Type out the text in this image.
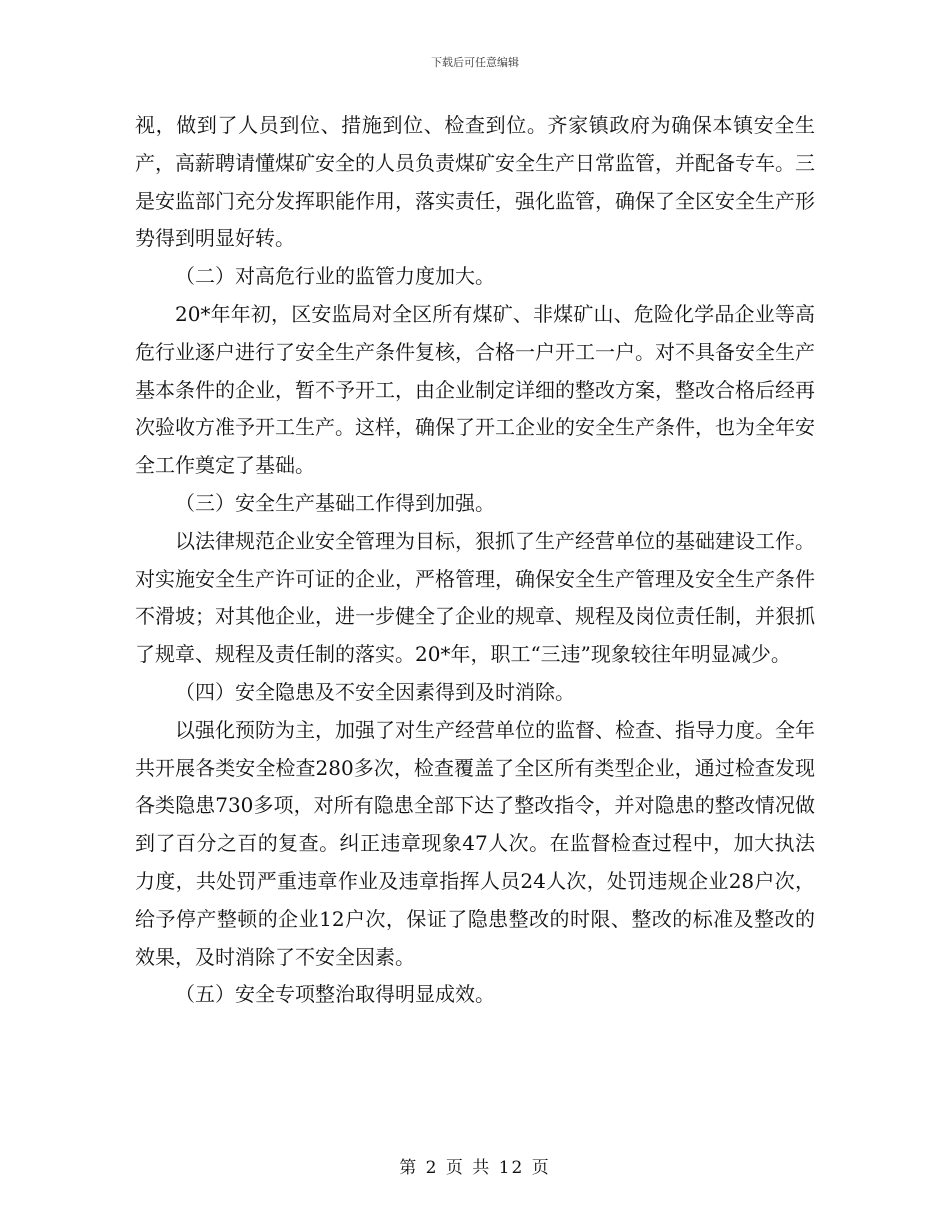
下载后可任意编辑

视，做到了人员到位、措施到位、检查到位。齐家镇政府为确保本镇安全生产，高薪聘请懂煤矿安全的人员负责煤矿安全生产日常监管，并配备专车。三是安监部门充分发挥职能作用，落实责任，强化监管，确保了全区安全生产形势得到明显好转。

（二）对高危行业的监管力度加大。

20*年年初，区安监局对全区所有煤矿、非煤矿山、危险化学品企业等高危行业逐户进行了安全生产条件复核，合格一户开工一户。对不具备安全生产基本条件的企业，暂不予开工，由企业制定详细的整改方案，整改合格后经再次验收方准予开工生产。这样，确保了开工企业的安全生产条件，也为全年安全工作奠定了基础。

（三）安全生产基础工作得到加强。

以法律规范企业安全管理为目标，狠抓了生产经营单位的基础建设工作。对实施安全生产许可证的企业，严格管理，确保安全生产管理及安全生产条件不滑坡；对其他企业，进一步健全了企业的规章、规程及岗位责任制，并狠抓了规章、规程及责任制的落实。20*年，职工“三违”现象较往年明显减少。

（四）安全隐患及不安全因素得到及时消除。

以强化预防为主，加强了对生产经营单位的监督、检查、指导力度。全年共开展各类安全检查280多次，检查覆盖了全区所有类型企业，通过检查发现各类隐患730多项，对所有隐患全部下达了整改指令，并对隐患的整改情况做到了百分之百的复查。纠正违章现象47人次。在监督检查过程中，加大执法力度，共处罚严重违章作业及违章指挥人员24人次，处罚违规企业28户次，给予停产整顿的企业12户次，保证了隐患整改的时限、整改的标准及整改的效果，及时消除了不安全因素。

（五）安全专项整治取得明显成效。

第 2 页 共 12 页
